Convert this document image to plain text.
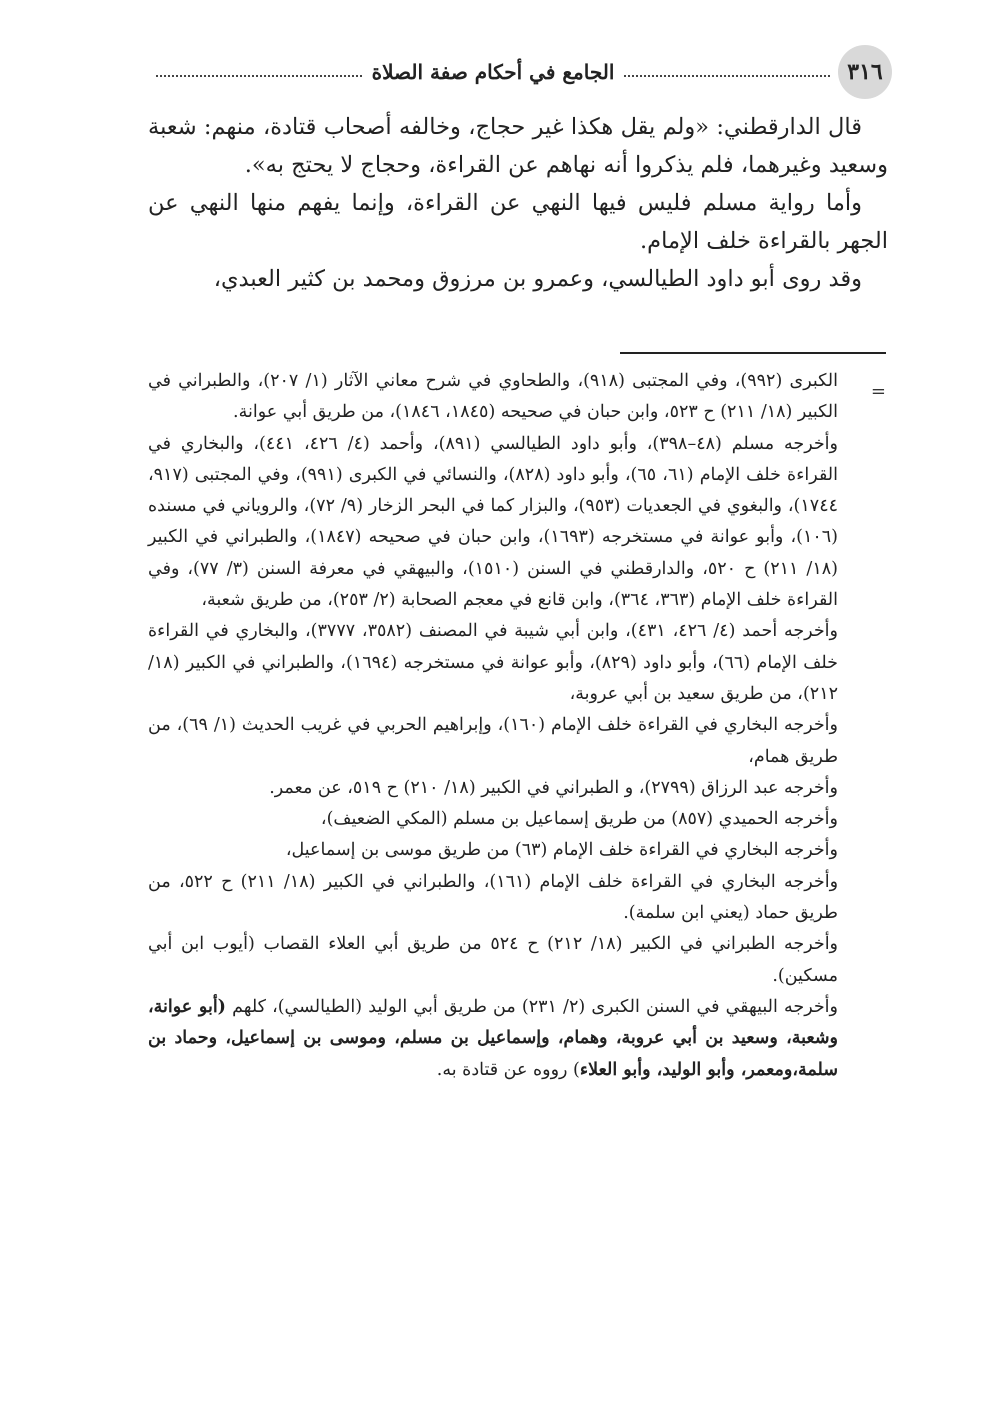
٣١٦
الجامع في أحكام صفة الصلاة

قال الدارقطني: «ولم يقل هكذا غير حجاج، وخالفه أصحاب قتادة، منهم: شعبة وسعيد وغيرهما، فلم يذكروا أنه نهاهم عن القراءة، وحجاج لا يحتج به».

وأما رواية مسلم فليس فيها النهي عن القراءة، وإنما يفهم منها النهي عن الجهر بالقراءة خلف الإمام.

وقد روى أبو داود الطيالسي، وعمرو بن مرزوق ومحمد بن كثير العبدي،

=

الكبرى (٩٩٢)، وفي المجتبى (٩١٨)، والطحاوي في شرح معاني الآثار (١/ ٢٠٧)، والطبراني في الكبير (١٨/ ٢١١) ح ٥٢٣، وابن حبان في صحيحه (١٨٤٥، ١٨٤٦)، من طريق أبي عوانة.

وأخرجه مسلم (٤٨–٣٩٨)، وأبو داود الطيالسي (٨٩١)، وأحمد (٤/ ٤٢٦، ٤٤١)، والبخاري في القراءة خلف الإمام (٦١، ٦٥)، وأبو داود (٨٢٨)، والنسائي في الكبرى (٩٩١)، وفي المجتبى (٩١٧، ١٧٤٤)، والبغوي في الجعديات (٩٥٣)، والبزار كما في البحر الزخار (٩/ ٧٢)، والروياني في مسنده (١٠٦)، وأبو عوانة في مستخرجه (١٦٩٣)، وابن حبان في صحيحه (١٨٤٧)، والطبراني في الكبير (١٨/ ٢١١) ح ٥٢٠، والدارقطني في السنن (١٥١٠)، والبيهقي في معرفة السنن (٣/ ٧٧)، وفي القراءة خلف الإمام (٣٦٣، ٣٦٤)، وابن قانع في معجم الصحابة (٢/ ٢٥٣)، من طريق شعبة،

وأخرجه أحمد (٤/ ٤٢٦، ٤٣١)، وابن أبي شيبة في المصنف (٣٥٨٢، ٣٧٧٧)، والبخاري في القراءة خلف الإمام (٦٦)، وأبو داود (٨٢٩)، وأبو عوانة في مستخرجه (١٦٩٤)، والطبراني في الكبير (١٨/ ٢١٢)، من طريق سعيد بن أبي عروبة،

وأخرجه البخاري في القراءة خلف الإمام (١٦٠)، وإبراهيم الحربي في غريب الحديث (١/ ٦٩)، من طريق همام،

وأخرجه عبد الرزاق (٢٧٩٩)، و الطبراني في الكبير (١٨/ ٢١٠) ح ٥١٩، عن معمر.

وأخرجه الحميدي (٨٥٧) من طريق إسماعيل بن مسلم (المكي الضعيف)،

وأخرجه البخاري في القراءة خلف الإمام (٦٣) من طريق موسى بن إسماعيل،

وأخرجه البخاري في القراءة خلف الإمام (١٦١)، والطبراني في الكبير (١٨/ ٢١١) ح ٥٢٢، من طريق حماد (يعني ابن سلمة).

وأخرجه الطبراني في الكبير (١٨/ ٢١٢) ح ٥٢٤ من طريق أبي العلاء القصاب (أيوب ابن أبي مسكين).

وأخرجه البيهقي في السنن الكبرى (٢/ ٢٣١) من طريق أبي الوليد (الطيالسي)، كلهم (أبو عوانة، وشعبة، وسعيد بن أبي عروبة، وهمام، وإسماعيل بن مسلم، وموسى بن إسماعيل، وحماد بن سلمة،ومعمر، وأبو الوليد، وأبو العلاء) رووه عن قتادة به.
